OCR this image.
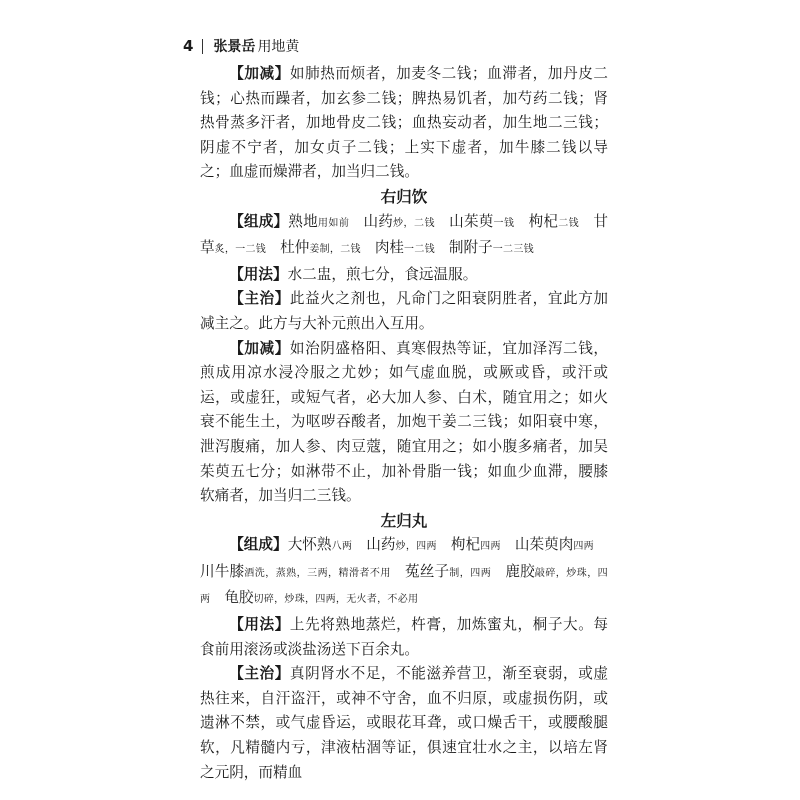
4 张景岳 用地黄

【加减】如肺热而烦者，加麦冬二钱；血滞者，加丹皮二钱；心热而躁者，加玄参二钱；脾热易饥者，加芍药二钱；肾热骨蒸多汗者，加地骨皮二钱；血热妄动者，加生地二三钱；阴虚不宁者，加女贞子二钱；上实下虚者，加牛膝二钱以导之；血虚而燥滞者，加当归二钱。

右归饮

【组成】熟地用如前 山药炒，二钱 山茱萸一钱 枸杞二钱 甘草炙，一二钱 杜仲姜制，二钱 肉桂一二钱 制附子一二三钱

【用法】水二盅，煎七分，食远温服。

【主治】此益火之剂也，凡命门之阳衰阴胜者，宜此方加减主之。此方与大补元煎出入互用。

【加减】如治阴盛格阳、真寒假热等证，宜加泽泻二钱，煎成用凉水浸冷服之尤妙；如气虚血脱，或厥或昏，或汗或运，或虚狂，或短气者，必大加人参、白术，随宜用之；如火衰不能生土，为呕哕吞酸者，加炮干姜二三钱；如阳衰中寒，泄泻腹痛，加人参、肉豆蔻，随宜用之；如小腹多痛者，加吴茱萸五七分；如淋带不止，加补骨脂一钱；如血少血滞，腰膝软痛者，加当归二三钱。

左归丸

【组成】大怀熟八两 山药炒，四两 枸杞四两 山茱萸肉四两川牛膝酒洗，蒸熟，三两，精滑者不用 菟丝子制，四两 鹿胶敲碎，炒珠，四两 龟胶切碎，炒珠，四两，无火者，不必用

【用法】上先将熟地蒸烂，杵膏，加炼蜜丸，桐子大。每食前用滚汤或淡盐汤送下百余丸。

【主治】真阴肾水不足，不能滋养营卫，渐至衰弱，或虚热往来，自汗盗汗，或神不守舍，血不归原，或虚损伤阴，或遗淋不禁，或气虚昏运，或眼花耳聋，或口燥舌干，或腰酸腿软，凡精髓内亏，津液枯涸等证，俱速宜壮水之主，以培左肾之元阴，而精血
